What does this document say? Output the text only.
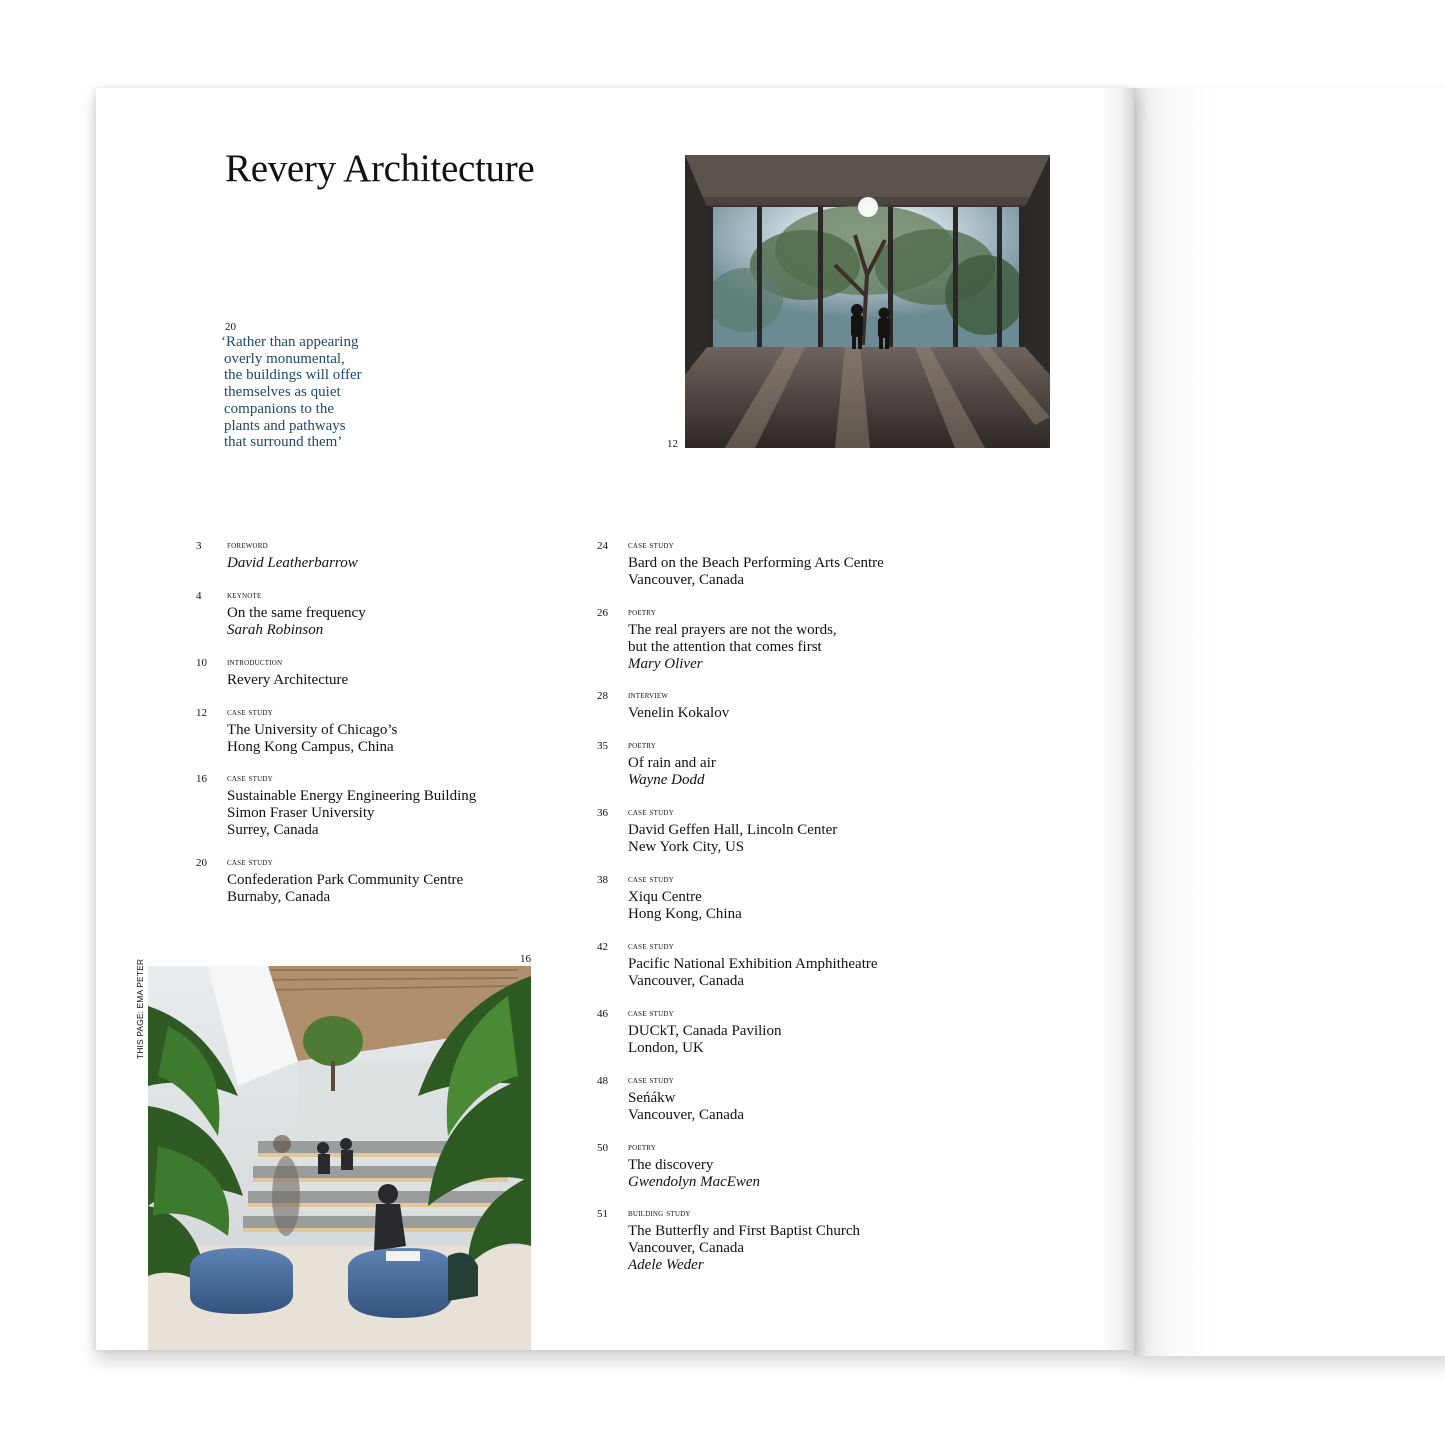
Revery Architecture
20
‘Rather than appearing
overly monumental,
the buildings will offer
themselves as quiet
companions to the
plants and pathways
that surround them’	12
3 foreword
David Leatherbarrow
4 keynote
On the same frequency
Sarah Robinson
10 introduction
Revery Architecture
12 case study
The University of Chicago’s
Hong Kong Campus, China
16 case study
Sustainable Energy Engineering Building
Simon Fraser University
Surrey, Canada
20 case study
Confederation Park Community Centre
Burnaby, Canada
24 case study
Bard on the Beach Performing Arts Centre
Vancouver, Canada
26 poetry
The real prayers are not the words,
but the attention that comes first
Mary Oliver
28 interview
Venelin Kokalov
35 poetry
Of rain and air
Wayne Dodd
36 case study
David Geffen Hall, Lincoln Center
New York City, US
38 case study
Xiqu Centre
Hong Kong, China
42 case study
Pacific National Exhibition Amphitheatre
Vancouver, Canada
46 case study
DUCkT, Canada Pavilion
London, UK
48 case study
Seńákw
Vancouver, Canada
50 poetry
The discovery
Gwendolyn MacEwen
51 building study
The Butterfly and First Baptist Church
Vancouver, Canada
Adele Weder
16
THIS PAGE: EMA PETER
